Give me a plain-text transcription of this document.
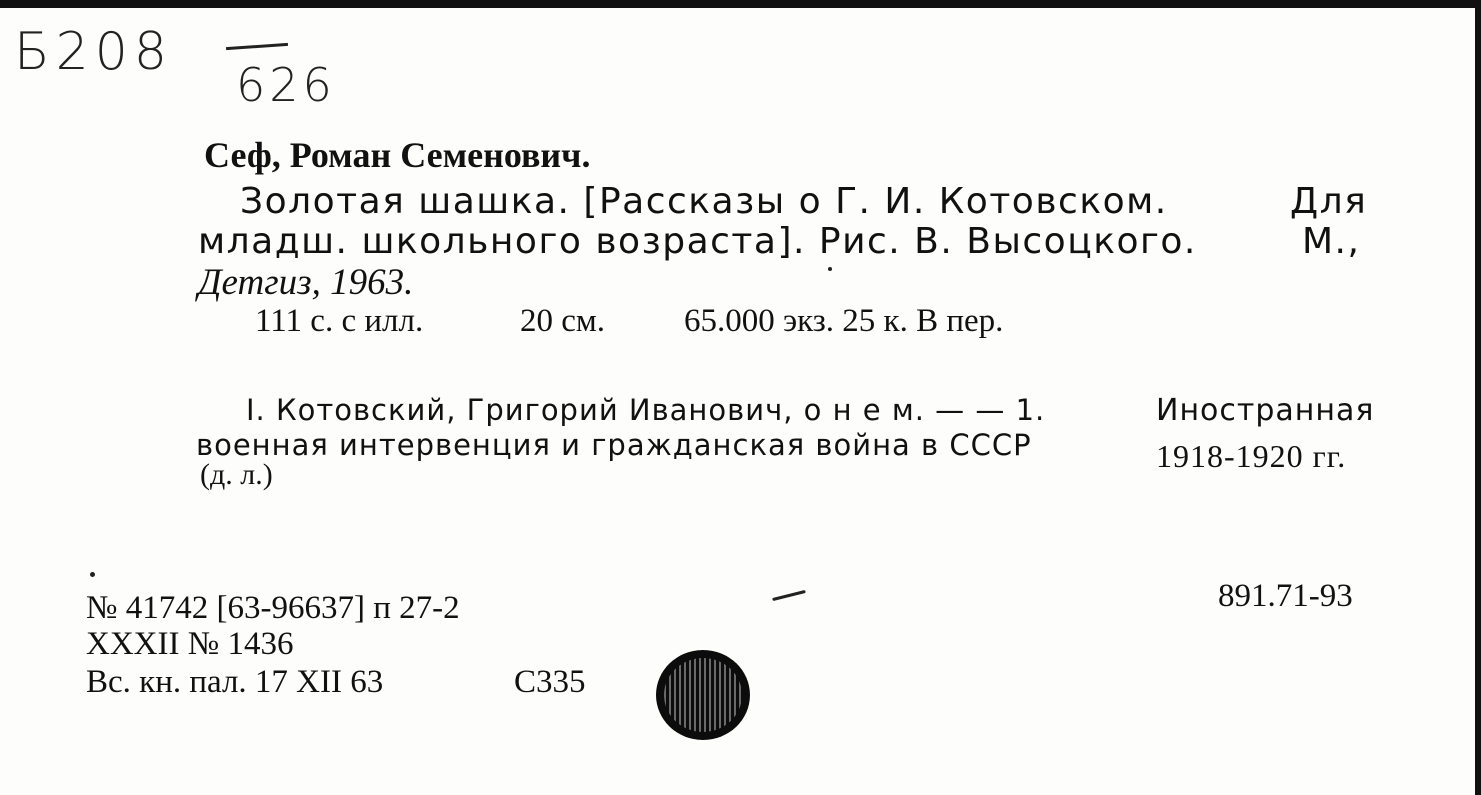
Б208
626
Сеф, Роман Семенович.
Золотая шашка. [Рассказы о Г. И. Котовском.	Для
младш. школьного возраста]. Рис. В. Высоцкого.	М.,
Детгиз, 1963.
111 с. с илл.	20 см. 65.000 экз. 25 к. В пер.
I. Котовский, Григорий Иванович, о н е м. — — 1.	Иностранная
военная интервенция и гражданская война в СССР	1918-1920 гг.
(д. л.)
№ 41742 [63-96637] п 27-2
XXXII № 1436
Вс. кн. пал. 17 XII 63	С335
891.71-93
